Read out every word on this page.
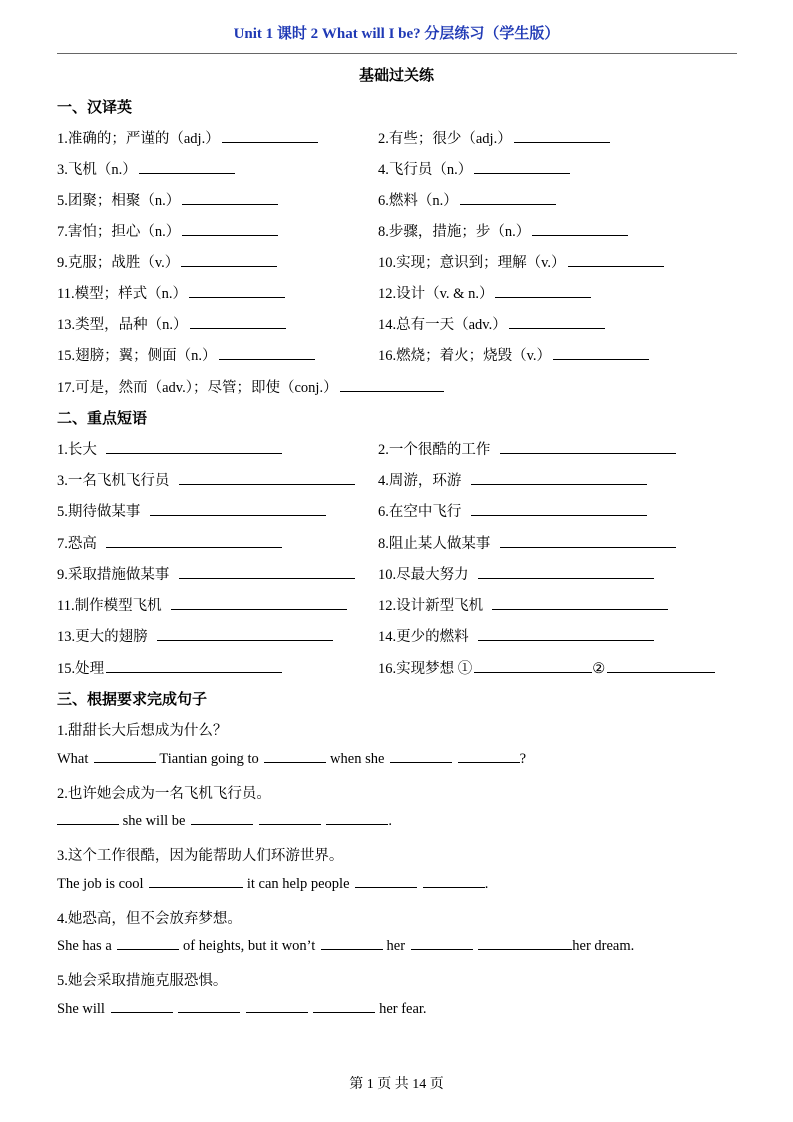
Unit 1 课时 2 What will I be? 分层练习（学生版）
基础过关练
一、汉译英
1.准确的；严谨的（adj.）	2.有些；很少（adj.）
3.飞机（n.）	4.飞行员（n.）
5.团聚；相聚（n.）	6.燃料（n.）
7.害怕；担心（n.）	8.步骤，措施；步（n.）
9.克服；战胜（v.）	10.实现；意识到；理解（v.）
11.模型；样式（n.）	12.设计（v. & n.）
13.类型，品种（n.）	14.总有一天（adv.）
15.翅膀；翼；侧面（n.）	16.燃烧；着火；烧毁（v.）
17.可是，然而（adv.）；尽管；即使（conj.）
二、重点短语
1.长大	2.一个很酷的工作
3.一名飞机飞行员	4.周游，环游
5.期待做某事	6.在空中飞行
7.恐高	8.阻止某人做某事
9.采取措施做某事	10.尽最大努力
11.制作模型飞机	12.设计新型飞机
13.更大的翅膀	14.更少的燃料
15.处理	16.实现梦想 ①	②
三、根据要求完成句子
1.甜甜长大后想成为什么？
What	Tiantian going to	when she	?
2.也许她会成为一名飞机飞行员。
she will be	.
3.这个工作很酷，因为能帮助人们环游世界。
The job is cool	it can help people	.
4.她恐高，但不会放弃梦想。
She has a	of heights, but it won’t	her	her dream.
5.她会采取措施克服恐惧。
She will	her fear.
第 1 页 共 14 页
